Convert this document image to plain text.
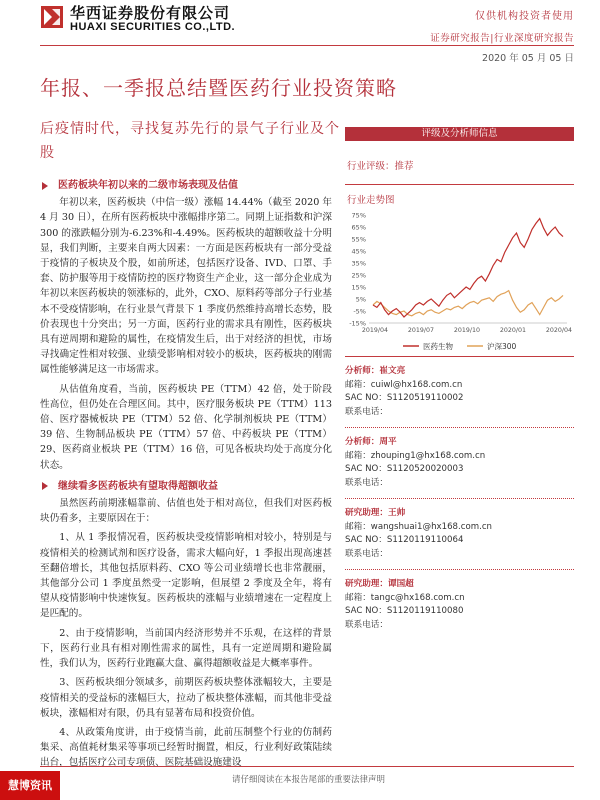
华西证券股份有限公司
HUAXI SECURITIES CO.,LTD.
仅供机构投资者使用
证券研究报告|行业深度研究报告
2020 年 05 月 05 日
年报、一季报总结暨医药行业投资策略
后疫情时代，寻找复苏先行的景气子行业及个股
医药板块年初以来的二级市场表现及估值

年初以来，医药板块（中信一级）涨幅 14.44%（截至 2020 年 4 月 30 日），在所有医药板块中涨幅排序第二。同期上证指数和沪深 300 的涨跌幅分别为-6.23%和-4.49%。医药板块的超额收益十分明显，我们判断，主要来自两大因素：一方面是医药板块有一部分受益于疫情的子板块及个股，如前所述，包括医疗设备、IVD、口罩、手套、防护服等用于疫情防控的医疗物资生产企业，这一部分企业成为年初以来医药板块的领涨标的，此外，CXO、原料药等部分子行业基本不受疫情影响，在行业景气背景下 1 季度仍然维持高增长态势，股价表现也十分突出；另一方面，医药行业的需求具有刚性，医药板块具有逆周期和避险的属性，在疫情发生后，出于对经济的担忧，市场寻找确定性相对较强、业绩受影响相对较小的板块，医药板块的刚需属性能够满足这一市场需求。

从估值角度看，当前，医药板块 PE（TTM）42 倍，处于阶段性高位，但仍处在合理区间。其中，医疗服务板块 PE（TTM）113 倍、医疗器械板块 PE（TTM）52 倍、化学制剂板块 PE（TTM）39 倍、生物制品板块 PE（TTM）57 倍、中药板块 PE（TTM）29、医药商业板块 PE（TTM）16 倍，可见各板块均处于高度分化状态。

继续看多医药板块有望取得超额收益

虽然医药前期涨幅靠前、估值也处于相对高位，但我们对医药板块仍看多，主要原因在于：

1、从 1 季报情况看，医药板块受疫情影响相对较小，特别是与疫情相关的检测试剂和医疗设备，需求大幅向好，1 季报出现高速甚至翻倍增长，其他包括原料药、CXO 等公司业绩增长也非常靓丽，其他部分公司 1 季度虽然受一定影响，但展望 2 季度及全年，将有望从疫情影响中快速恢复。医药板块的涨幅与业绩增速在一定程度上是匹配的。

2、由于疫情影响，当前国内经济形势并不乐观，在这样的背景下，医药行业具有相对刚性需求的属性，具有一定逆周期和避险属性，我们认为，医药行业跑赢大盘、赢得超额收益是大概率事件。

3、医药板块细分领域多，前期医药板块整体涨幅较大，主要是疫情相关的受益标的涨幅巨大，拉动了板块整体涨幅，而其他非受益板块，涨幅相对有限，仍具有显著布局和投资价值。

4、从政策角度讲，由于疫情当前，此前压制整个行业的仿制药集采、高值耗材集采等事项已经暂时搁置，相反，行业利好政策陆续出台，包括医疗公司专项债、医院基础设施建设

评级及分析师信息
行业评级：推荐
行业走势图
75%
65%
55%
45%
35%
25%
15%
5%
-5%
-15%
2019/04	2019/07	2019/10	2020/01	2020/04
医药生物	沪深300
分析师：崔文亮
邮箱：cuiwl@hx168.com.cn
SAC NO：S1120519110002
联系电话：
分析师：周平
邮箱：zhouping1@hx168.com.cn
SAC NO：S1120520020003
联系电话：
研究助理：王帅
邮箱：wangshuai1@hx168.com.cn
SAC NO：S1120119110064
联系电话：
研究助理：谭国超
邮箱：tangc@hx168.com.cn
SAC NO：S1120119110080
联系电话：
慧博资讯	请仔细阅读在本报告尾部的重要法律声明
